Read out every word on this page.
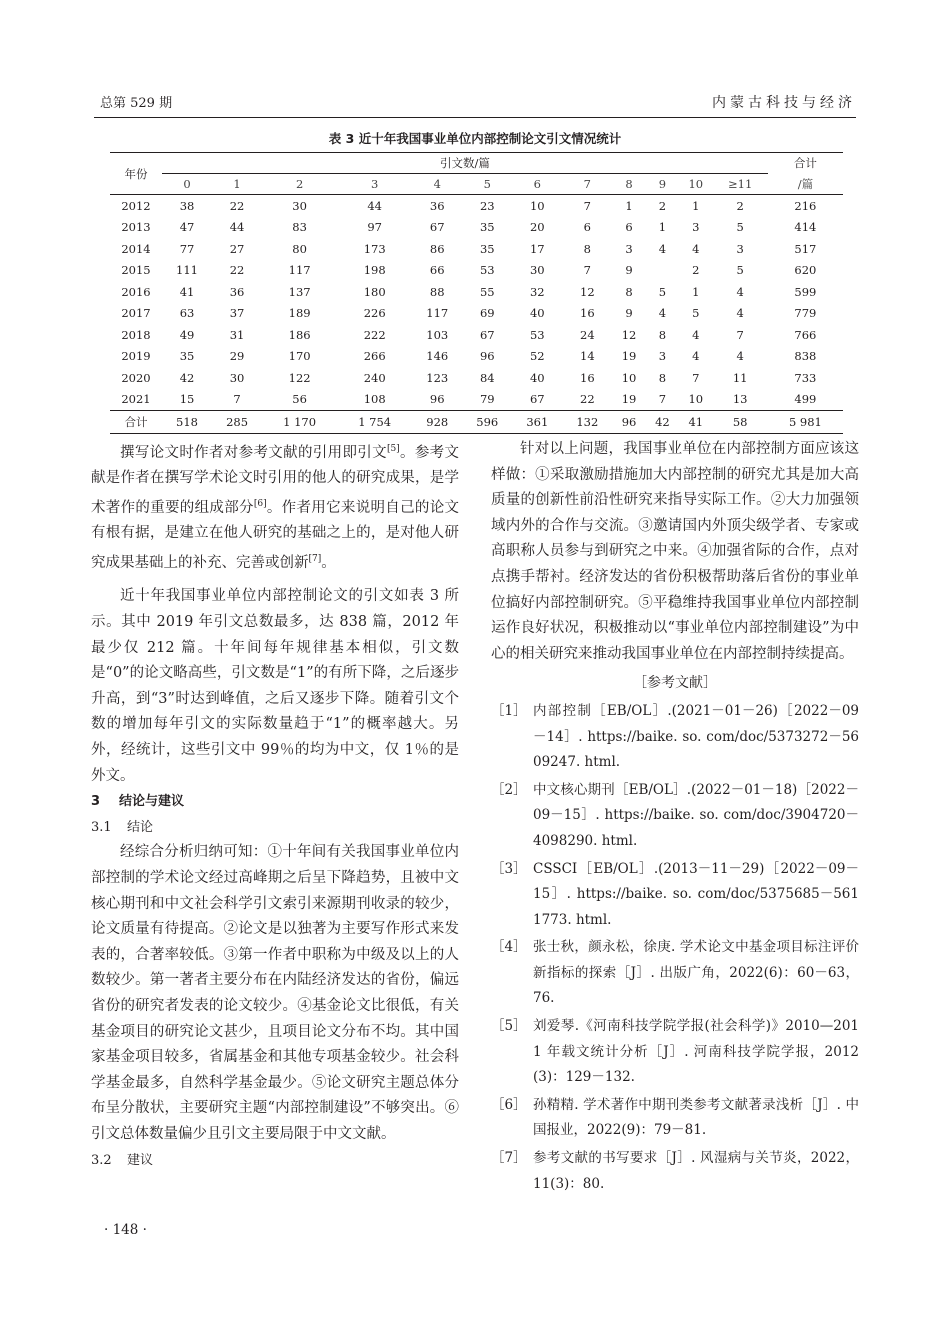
总第 529 期	内蒙古科技与经济
表 3 近十年我国事业单位内部控制论文引文情况统计
年份	引文数/篇												合计
	0	1	2	3	4	5	6	7	8	9	10	≥11	/篇
2012	38	22	30	44	36	23	10	7	1	2	1	2	216
2013	47	44	83	97	67	35	20	6	6	1	3	5	414
2014	77	27	80	173	86	35	17	8	3	4	4	3	517
2015	111	22	117	198	66	53	30	7	9		2	5	620
2016	41	36	137	180	88	55	32	12	8	5	1	4	599
2017	63	37	189	226	117	69	40	16	9	4	5	4	779
2018	49	31	186	222	103	67	53	24	12	8	4	7	766
2019	35	29	170	266	146	96	52	14	19	3	4	4	838
2020	42	30	122	240	123	84	40	16	10	8	7	11	733
2021	15	7	56	108	96	79	67	22	19	7	10	13	499
合计	518	285	1 170	1 754	928	596	361	132	96	42	41	58	5 981

撰写论文时作者对参考文献的引用即引文[5]。参考文献是作者在撰写学术论文时引用的他人的研究成果，是学术著作的重要的组成部分[6]。作者用它来说明自己的论文有根有据，是建立在他人研究的基础之上的，是对他人研究成果基础上的补充、完善或创新[7]。

近十年我国事业单位内部控制论文的引文如表 3 所示。其中 2019 年引文总数最多，达 838 篇，2012 年最少仅 212 篇。十年间每年规律基本相似，引文数是“0”的论文略高些，引文数是“1”的有所下降，之后逐步升高，到“3”时达到峰值，之后又逐步下降。随着引文个数的增加每年引文的实际数量趋于“1”的概率越大。另外，经统计，这些引文中 99％的均为中文，仅 1％的是外文。

3 结论与建议
3.1 结论

经综合分析归纳可知：①十年间有关我国事业单位内部控制的学术论文经过高峰期之后呈下降趋势，且被中文核心期刊和中文社会科学引文索引来源期刊收录的较少，论文质量有待提高。②论文是以独著为主要写作形式来发表的，合著率较低。③第一作者中职称为中级及以上的人数较少。第一著者主要分布在内陆经济发达的省份，偏远省份的研究者发表的论文较少。④基金论文比很低，有关基金项目的研究论文甚少，且项目论文分布不均。其中国家基金项目较多，省属基金和其他专项基金较少。社会科学基金最多，自然科学基金最少。⑤论文研究主题总体分布呈分散状，主要研究主题“内部控制建设”不够突出。⑥引文总体数量偏少且引文主要局限于中文文献。

3.2 建议

针对以上问题，我国事业单位在内部控制方面应该这样做：①采取激励措施加大内部控制的研究尤其是加大高质量的创新性前沿性研究来指导实际工作。②大力加强领域内外的合作与交流。③邀请国内外顶尖级学者、专家或高职称人员参与到研究之中来。④加强省际的合作，点对点携手帮衬。经济发达的省份积极帮助落后省份的事业单位搞好内部控制研究。⑤平稳维持我国事业单位内部控制运作良好状况，积极推动以“事业单位内部控制建设”为中心的相关研究来推动我国事业单位在内部控制持续提高。

［参考文献］
［1］ 内部控制［EB/OL］.(2021－01－26)［2022－09－14］. https://baike. so. com/doc/5373272－5609247. html.
［2］ 中文核心期刊［EB/OL］.(2022－01－18)［2022－09－15］. https://baike. so. com/doc/3904720－4098290. html.
［3］ CSSCI［EB/OL］.(2013－11－29)［2022－09－15］. https://baike. so. com/doc/5375685－5611773. html.
［4］ 张士秋，颜永松，徐庚. 学术论文中基金项目标注评价新指标的探索［J］. 出版广角，2022(6)：60－63，76.
［5］ 刘爱琴.《河南科技学院学报(社会科学)》2010—2011 年载文统计分析［J］. 河南科技学院学报，2012(3)：129－132.
［6］ 孙精精. 学术著作中期刊类参考文献著录浅析［J］. 中国报业，2022(9)：79－81.
［7］ 参考文献的书写要求［J］. 风湿病与关节炎，2022，11(3)：80.
· 148 ·
